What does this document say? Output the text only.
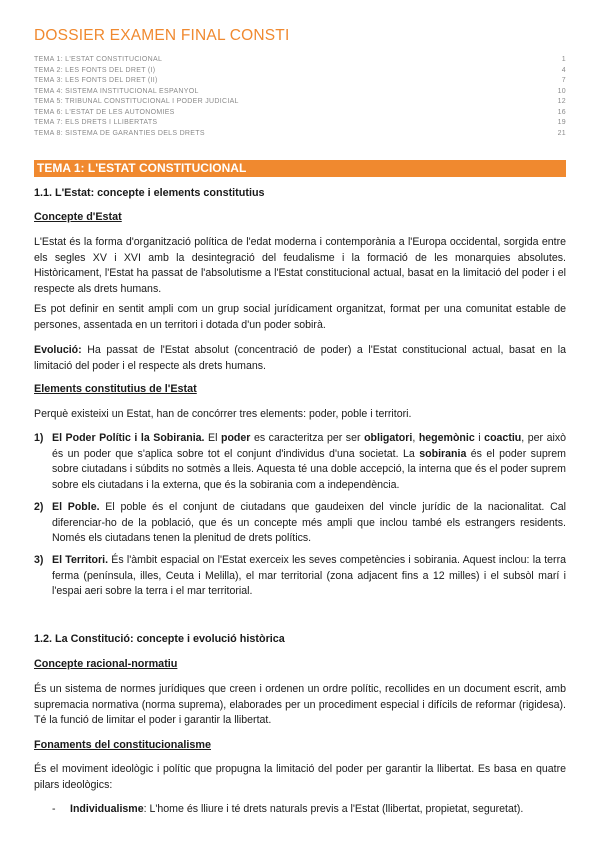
DOSSIER EXAMEN FINAL CONSTI
TEMA 1: L'ESTAT CONSTITUCIONAL	1
TEMA 2: LES FONTS DEL DRET (I)	4
TEMA 3: LES FONTS DEL DRET (II)	7
TEMA 4: SISTEMA INSTITUCIONAL ESPANYOL	10
TEMA 5: TRIBUNAL CONSTITUCIONAL I PODER JUDICIAL	12
TEMA 6: L'ESTAT DE LES AUTONOMIES	16
TEMA 7: ELS DRETS I LLIBERTATS	19
TEMA 8: SISTEMA DE GARANTIES DELS DRETS	21
TEMA 1: L'ESTAT CONSTITUCIONAL
1.1. L'Estat: concepte i elements constitutius
Concepte d'Estat

L'Estat és la forma d'organització política de l'edat moderna i contemporània a l'Europa occidental, sorgida entre els segles XV i XVI amb la desintegració del feudalisme i la formació de les monarquies absolutes. Històricament, l'Estat ha passat de l'absolutisme a l'Estat constitucional actual, basat en la limitació del poder i el respecte als drets humans.

Es pot definir en sentit ampli com un grup social jurídicament organitzat, format per una comunitat estable de persones, assentada en un territori i dotada d'un poder sobirà.

Evolució: Ha passat de l'Estat absolut (concentració de poder) a l'Estat constitucional actual, basat en la limitació del poder i el respecte als drets humans.

Elements constitutius de l'Estat

Perquè existeixi un Estat, han de concórrer tres elements: poder, poble i territori.

1) El Poder Polític i la Sobirania. El poder es caracteritza per ser obligatori, hegemònic i coactiu, per això és un poder que s'aplica sobre tot el conjunt d'individus d'una societat. La sobirania és el poder suprem sobre ciutadans i súbdits no sotmès a lleis. Aquesta té una doble accepció, la interna que és el poder suprem sobre els ciutadans i la externa, que és la sobirania com a independència.

2) El Poble. El poble és el conjunt de ciutadans que gaudeixen del vincle jurídic de la nacionalitat. Cal diferenciar-ho de la població, que és un concepte més ampli que inclou també els estrangers residents. Només els ciutadans tenen la plenitud de drets polítics.

3) El Territori. És l'àmbit espacial on l'Estat exerceix les seves competències i sobirania. Aquest inclou: la terra ferma (península, illes, Ceuta i Melilla), el mar territorial (zona adjacent fins a 12 milles) i el subsòl marí i l'espai aeri sobre la terra i el mar territorial.

1.2. La Constitució: concepte i evolució històrica
Concepte racional-normatiu

És un sistema de normes jurídiques que creen i ordenen un ordre polític, recollides en un document escrit, amb supremacia normativa (norma suprema), elaborades per un procediment especial i difícils de reformar (rigidesa). Té la funció de limitar el poder i garantir la llibertat.

Fonaments del constitucionalisme

És el moviment ideològic i polític que propugna la limitació del poder per garantir la llibertat. Es basa en quatre pilars ideològics:

- Individualisme: L'home és lliure i té drets naturals previs a l'Estat (llibertat, propietat, seguretat).
